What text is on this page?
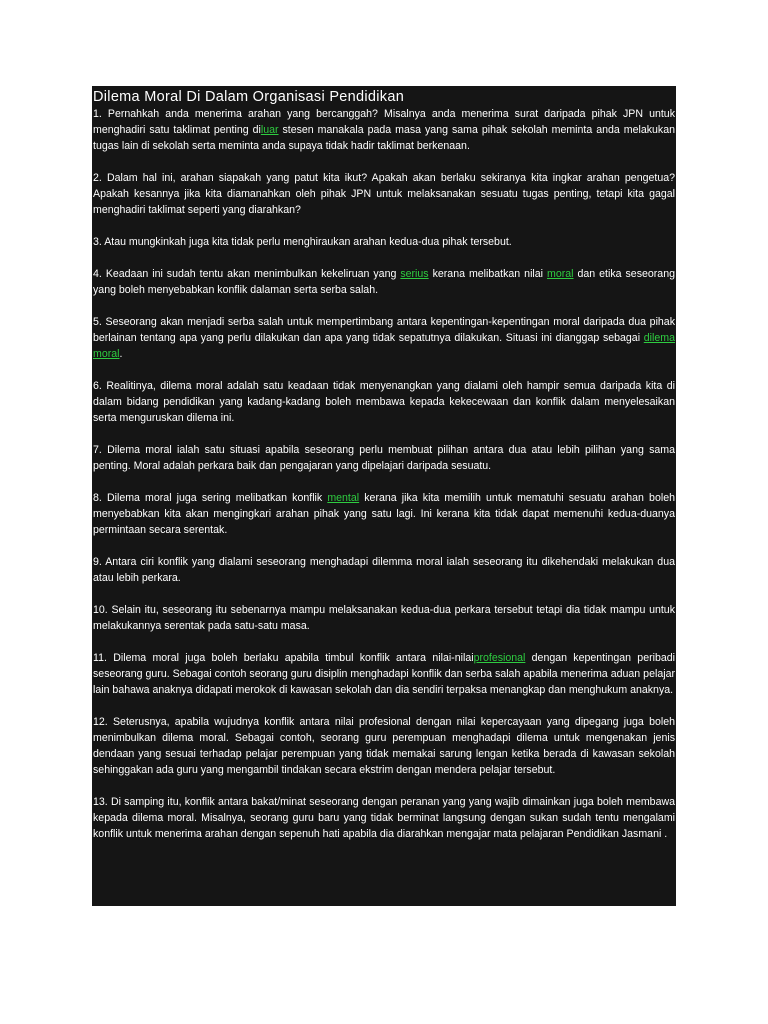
Dilema Moral Di Dalam Organisasi Pendidikan

1. Pernahkah anda menerima arahan yang bercanggah? Misalnya anda menerima surat daripada pihak JPN untuk menghadiri satu taklimat penting diluar stesen manakala pada masa yang sama pihak sekolah meminta anda melakukan tugas lain di sekolah serta meminta anda supaya tidak hadir taklimat berkenaan.

2. Dalam hal ini, arahan siapakah yang patut kita ikut? Apakah akan berlaku sekiranya kita ingkar arahan pengetua? Apakah kesannya jika kita diamanahkan oleh pihak JPN untuk melaksanakan sesuatu tugas penting, tetapi kita gagal menghadiri taklimat seperti yang diarahkan?

3. Atau mungkinkah juga kita tidak perlu menghiraukan arahan kedua-dua pihak tersebut.

4. Keadaan ini sudah tentu akan menimbulkan kekeliruan yang serius kerana melibatkan nilai moral dan etika seseorang yang boleh menyebabkan konflik dalaman serta serba salah.

5. Seseorang akan menjadi serba salah untuk mempertimbang antara kepentingan-kepentingan moral daripada dua pihak berlainan tentang apa yang perlu dilakukan dan apa yang tidak sepatutnya dilakukan. Situasi ini dianggap sebagai dilema moral.

6. Realitinya, dilema moral adalah satu keadaan tidak menyenangkan yang dialami oleh hampir semua daripada kita di dalam bidang pendidikan yang kadang-kadang boleh membawa kepada kekecewaan dan konflik dalam menyelesaikan serta menguruskan dilema ini.

7. Dilema moral ialah satu situasi apabila seseorang perlu membuat pilihan antara dua atau lebih pilihan yang sama penting. Moral adalah perkara baik dan pengajaran yang dipelajari daripada sesuatu.

8. Dilema moral juga sering melibatkan konflik mental kerana jika kita memilih untuk mematuhi sesuatu arahan boleh menyebabkan kita akan mengingkari arahan pihak yang satu lagi. Ini kerana kita tidak dapat memenuhi kedua-duanya permintaan secara serentak.

9. Antara ciri konflik yang dialami seseorang menghadapi dilemma moral ialah seseorang itu dikehendaki melakukan dua atau lebih perkara.

10. Selain itu, seseorang itu sebenarnya mampu melaksanakan kedua-dua perkara tersebut tetapi dia tidak mampu untuk melakukannya serentak pada satu-satu masa.

11. Dilema moral juga boleh berlaku apabila timbul konflik antara nilai-nilaiprofesional dengan kepentingan peribadi seseorang guru. Sebagai contoh seorang guru disiplin menghadapi konflik dan serba salah apabila menerima aduan pelajar lain bahawa anaknya didapati merokok di kawasan sekolah dan dia sendiri terpaksa menangkap dan menghukum anaknya.

12. Seterusnya, apabila wujudnya konflik antara nilai profesional dengan nilai kepercayaan yang dipegang juga boleh menimbulkan dilema moral. Sebagai contoh, seorang guru perempuan menghadapi dilema untuk mengenakan jenis dendaan yang sesuai terhadap pelajar perempuan yang tidak memakai sarung lengan ketika berada di kawasan sekolah sehinggakan ada guru yang mengambil tindakan secara ekstrim dengan mendera pelajar tersebut.

13. Di samping itu, konflik antara bakat/minat seseorang dengan peranan yang yang wajib dimainkan juga boleh membawa kepada dilema moral. Misalnya, seorang guru baru yang tidak berminat langsung dengan sukan sudah tentu mengalami konflik untuk menerima arahan dengan sepenuh hati apabila dia diarahkan mengajar mata pelajaran Pendidikan Jasmani .
